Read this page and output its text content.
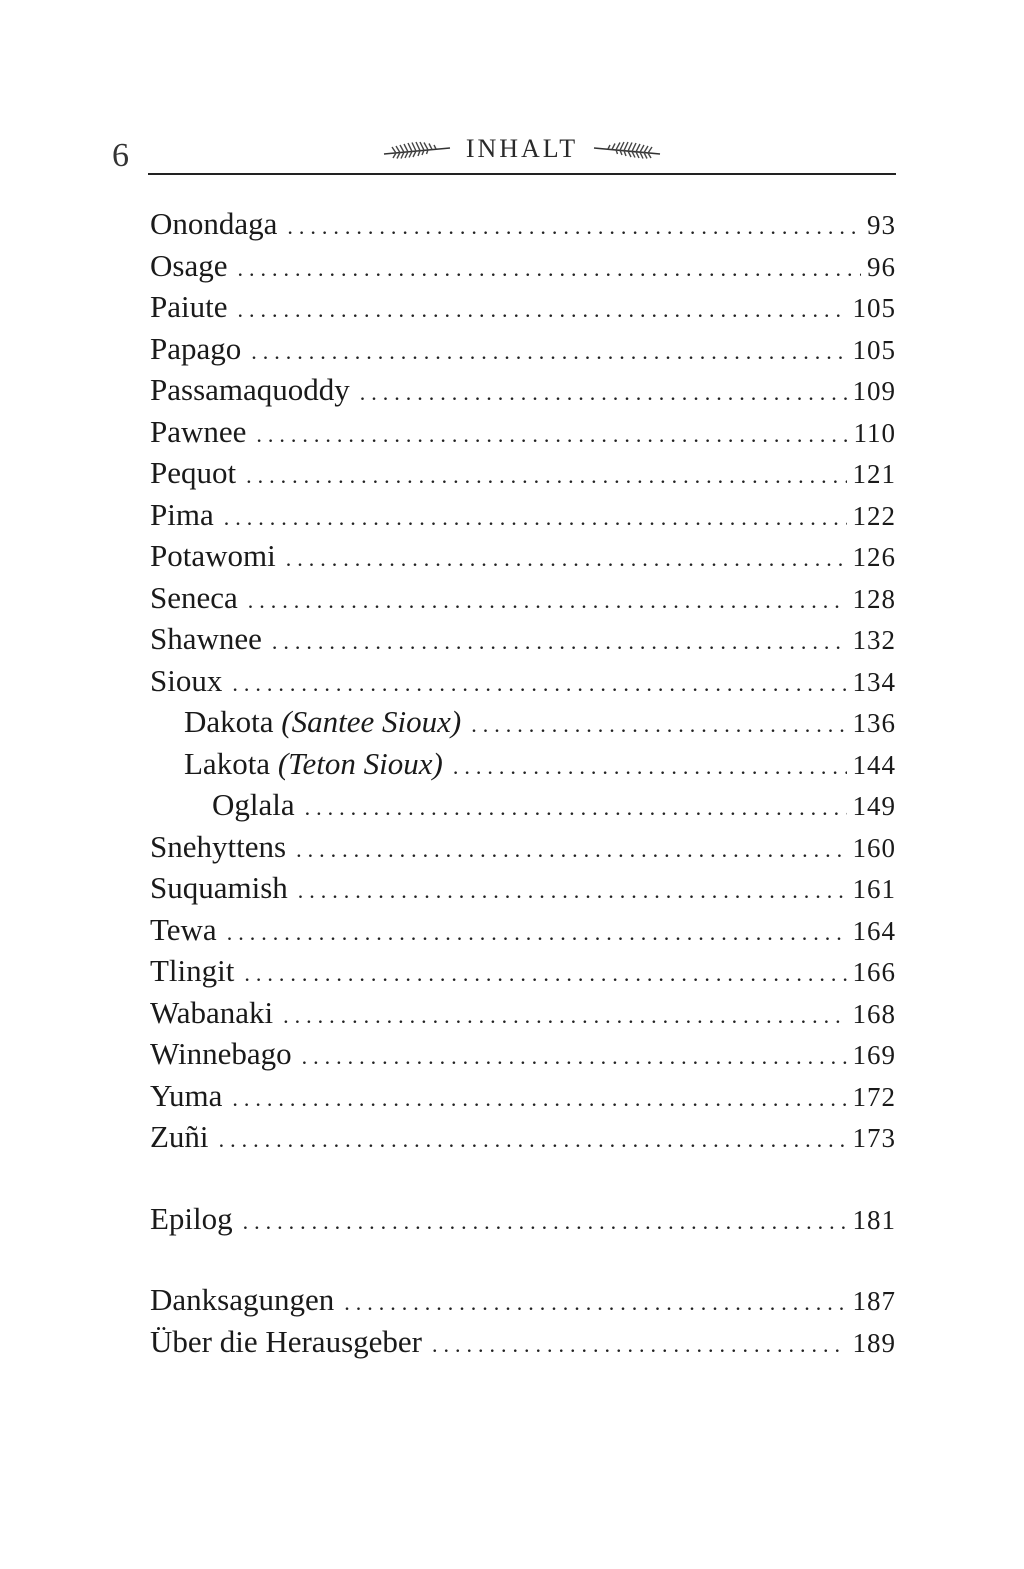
6	INHALT
Onondaga . . .	93
Osage . . .	96
Paiute . . .	105
Papago . . .	105
Passamaquoddy . . .	109
Pawnee . . .	110
Pequot . . .	121
Pima . . .	122
Potawomi . . .	126
Seneca . . .	128
Shawnee . . .	132
Sioux . . .	134
Dakota (Santee Sioux) . . .	136
Lakota (Teton Sioux) . . .	144
Oglala . . .	149
Snehyttens . . .	160
Suquamish . . .	161
Tewa . . .	164
Tlingit . . .	166
Wabanaki . . .	168
Winnebago . . .	169
Yuma . . .	172
Zuñi . . .	173
Epilog . . .	181
Danksagungen . . .	187
Über die Herausgeber . . .	189
